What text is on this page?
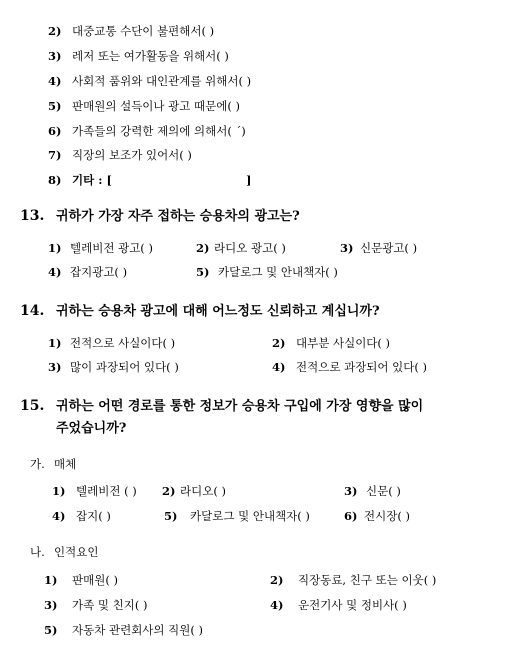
2) 대중교통 수단이 불편해서( )
3) 레저 또는 여가활동을 위해서( )
4) 사회적 품위와 대인관계를 위해서( )
5) 판매원의 설득이나 광고 때문에( )
6) 가족들의 강력한 제의에 의해서( ˊ)
7) 직장의 보조가 있어서( )
8) 기타 : [	]
13. 귀하가 가장 자주 접하는 승용차의 광고는?
1) 텔레비전 광고( )	2) 라디오 광고( )	3) 신문광고( )
4) 잡지광고( )	5) 카달로그 및 안내책자( )
14. 귀하는 승용차 광고에 대해 어느정도 신뢰하고 계십니까?
1) 전적으로 사실이다( )	2) 대부분 사실이다( )
3) 많이 과장되어 있다( )	4) 전적으로 과장되어 있다( )
15. 귀하는 어떤 경로를 통한 정보가 승용차 구입에 가장 영향을 많이
주었습니까?
가. 매체
1) 텔레비전 ( ) 2) 라디오( )	3) 신문( )
4) 잡지( )	5) 카달로그 및 안내책자( )	6) 전시장( )
나. 인적요인
1) 판매원( )	2) 직장동료, 친구 또는 이웃( )
3) 가족 및 친지( )	4) 운전기사 및 정비사( )
5) 자동차 관련회사의 직원( )
